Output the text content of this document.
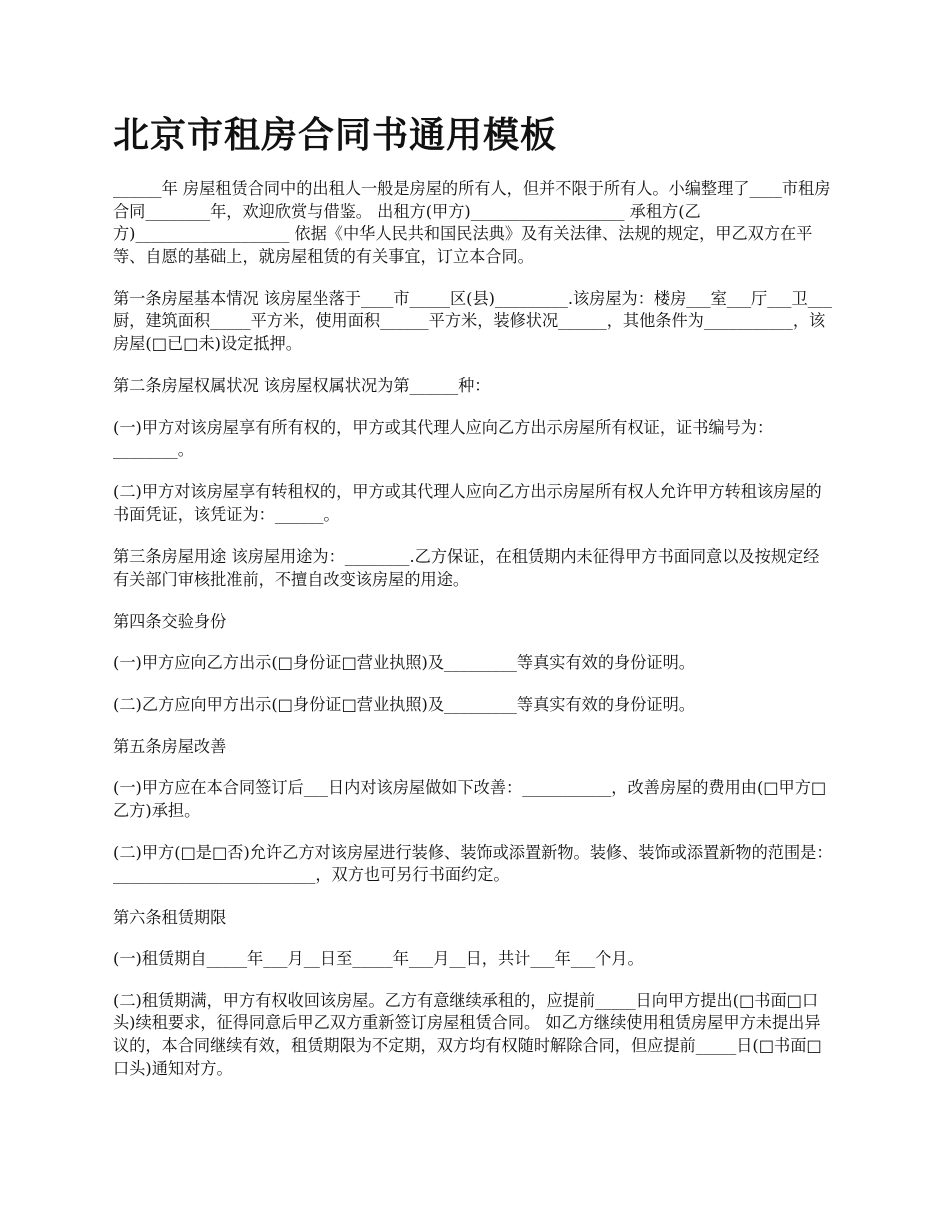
北京市租房合同书通用模板

______年 房屋租赁合同中的出租人一般是房屋的所有人，但并不限于所有人。小编整理了____市租房合同________年，欢迎欣赏与借鉴。 出租方(甲方)___________________ 承租方(乙方)___________________ 依据《中华人民共和国民法典》及有关法律、法规的规定，甲乙双方在平等、自愿的基础上，就房屋租赁的有关事宜，订立本合同。

第一条房屋基本情况 该房屋坐落于____市_____区(县)_________.该房屋为：楼房___室___厅___卫___厨，建筑面积_____平方米，使用面积______平方米，装修状况______，其他条件为___________，该房屋(□已□未)设定抵押。

第二条房屋权属状况 该房屋权属状况为第______种：

(一)甲方对该房屋享有所有权的，甲方或其代理人应向乙方出示房屋所有权证，证书编号为：________。

(二)甲方对该房屋享有转租权的，甲方或其代理人应向乙方出示房屋所有权人允许甲方转租该房屋的书面凭证，该凭证为：______。

第三条房屋用途 该房屋用途为：________.乙方保证，在租赁期内未征得甲方书面同意以及按规定经有关部门审核批准前，不擅自改变该房屋的用途。

第四条交验身份

(一)甲方应向乙方出示(□身份证□营业执照)及_________等真实有效的身份证明。

(二)乙方应向甲方出示(□身份证□营业执照)及_________等真实有效的身份证明。

第五条房屋改善

(一)甲方应在本合同签订后___日内对该房屋做如下改善：___________，改善房屋的费用由(□甲方□乙方)承担。

(二)甲方(□是□否)允许乙方对该房屋进行装修、装饰或添置新物。装修、装饰或添置新物的范围是：_________________________，双方也可另行书面约定。

第六条租赁期限

(一)租赁期自_____年___月__日至_____年___月__日，共计___年___个月。

(二)租赁期满，甲方有权收回该房屋。乙方有意继续承租的，应提前_____日向甲方提出(□书面□口头)续租要求，征得同意后甲乙双方重新签订房屋租赁合同。 如乙方继续使用租赁房屋甲方未提出异议的，本合同继续有效，租赁期限为不定期，双方均有权随时解除合同，但应提前_____日(□书面□口头)通知对方。
